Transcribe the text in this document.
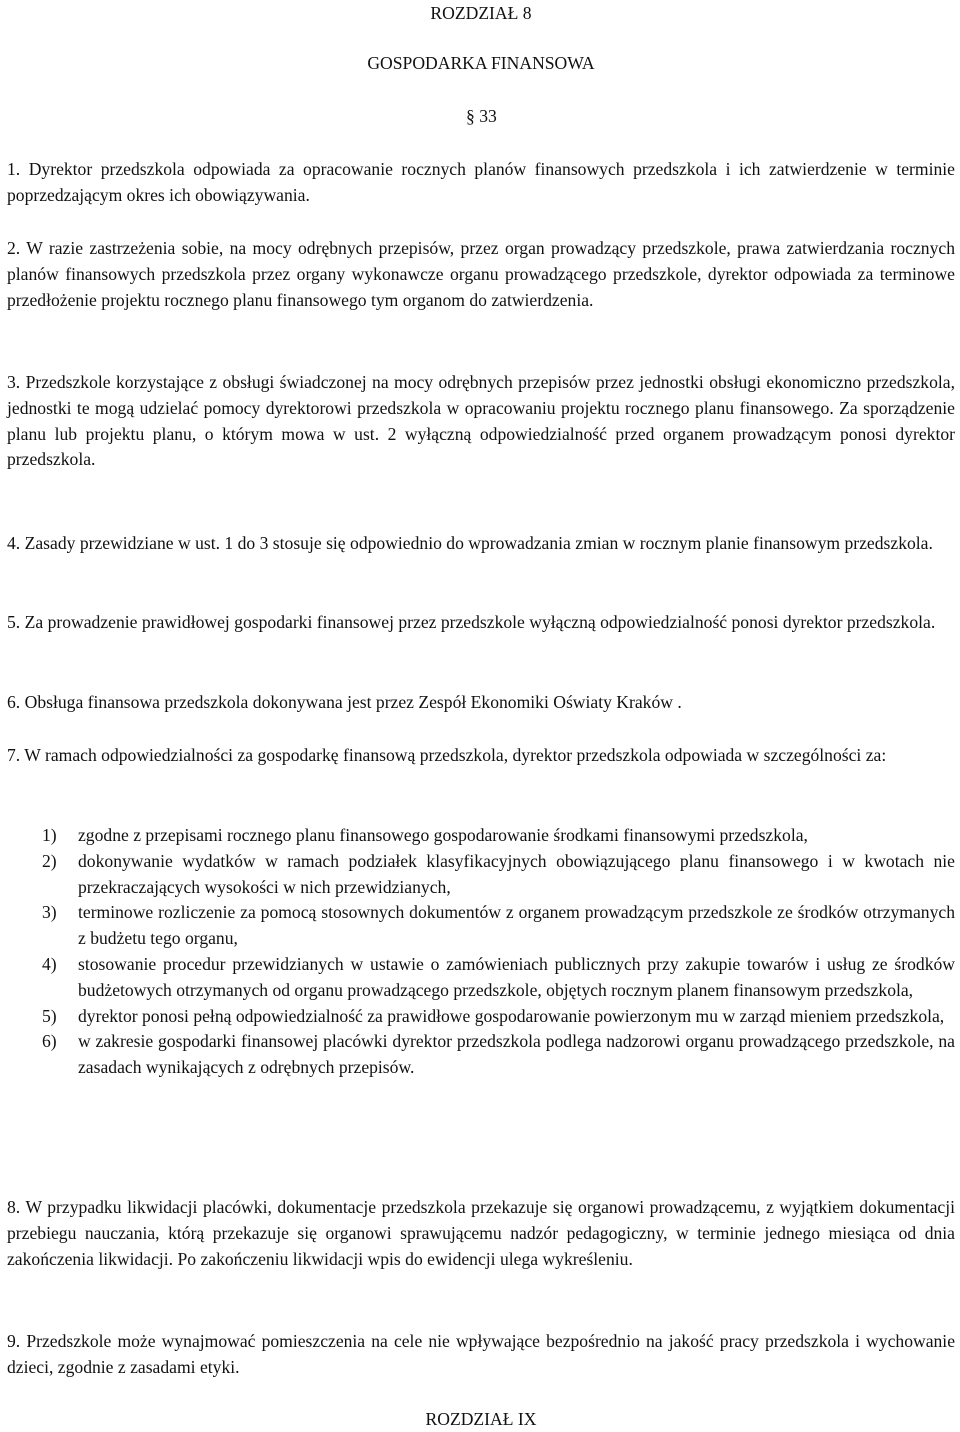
ROZDZIAŁ 8
GOSPODARKA FINANSOWA
§ 33

1. Dyrektor przedszkola odpowiada za opracowanie rocznych planów finansowych przedszkola i ich zatwierdzenie w terminie poprzedzającym okres ich obowiązywania.

2. W razie zastrzeżenia sobie, na mocy odrębnych przepisów, przez organ prowadzący przedszkole, prawa zatwierdzania rocznych planów finansowych przedszkola przez organy wykonawcze organu prowadzącego przedszkole, dyrektor odpowiada za terminowe przedłożenie projektu rocznego planu finansowego tym organom do zatwierdzenia.

3. Przedszkole korzystające z obsługi świadczonej na mocy odrębnych przepisów przez jednostki obsługi ekonomiczno przedszkola, jednostki te mogą udzielać pomocy dyrektorowi przedszkola w opracowaniu projektu rocznego planu finansowego. Za sporządzenie planu lub projektu planu, o którym mowa w ust. 2 wyłączną odpowiedzialność przed organem prowadzącym ponosi dyrektor przedszkola.

4. Zasady przewidziane w ust. 1 do 3 stosuje się odpowiednio do wprowadzania zmian w rocznym planie finansowym przedszkola.

5. Za prowadzenie prawidłowej gospodarki finansowej przez przedszkole wyłączną odpowiedzialność ponosi dyrektor przedszkola.

6. Obsługa finansowa przedszkola dokonywana jest przez Zespół Ekonomiki Oświaty Kraków .

7. W ramach odpowiedzialności za gospodarkę finansową przedszkola, dyrektor przedszkola odpowiada w szczególności za:

1) zgodne z przepisami rocznego planu finansowego gospodarowanie środkami finansowymi przedszkola,
2) dokonywanie wydatków w ramach podziałek klasyfikacyjnych obowiązującego planu finansowego i w kwotach nie przekraczających wysokości w nich przewidzianych,
3) terminowe rozliczenie za pomocą stosownych dokumentów z organem prowadzącym przedszkole ze środków otrzymanych z budżetu tego organu,
4) stosowanie procedur przewidzianych w ustawie o zamówieniach publicznych przy zakupie towarów i usług ze środków budżetowych otrzymanych od organu prowadzącego przedszkole, objętych rocznym planem finansowym przedszkola,
5) dyrektor ponosi pełną odpowiedzialność za prawidłowe gospodarowanie powierzonym mu w zarząd mieniem przedszkola,
6) w zakresie gospodarki finansowej placówki dyrektor przedszkola podlega nadzorowi organu prowadzącego przedszkole, na zasadach wynikających z odrębnych przepisów.

8. W przypadku likwidacji placówki, dokumentacje przedszkola przekazuje się organowi prowadzącemu, z wyjątkiem dokumentacji przebiegu nauczania, którą przekazuje się organowi sprawującemu nadzór pedagogiczny, w terminie jednego miesiąca od dnia zakończenia likwidacji. Po zakończeniu likwidacji wpis do ewidencji ulega wykreśleniu.

9. Przedszkole może wynajmować pomieszczenia na cele nie wpływające bezpośrednio na jakość pracy przedszkola i wychowanie dzieci, zgodnie z zasadami etyki.

ROZDZIAŁ IX
